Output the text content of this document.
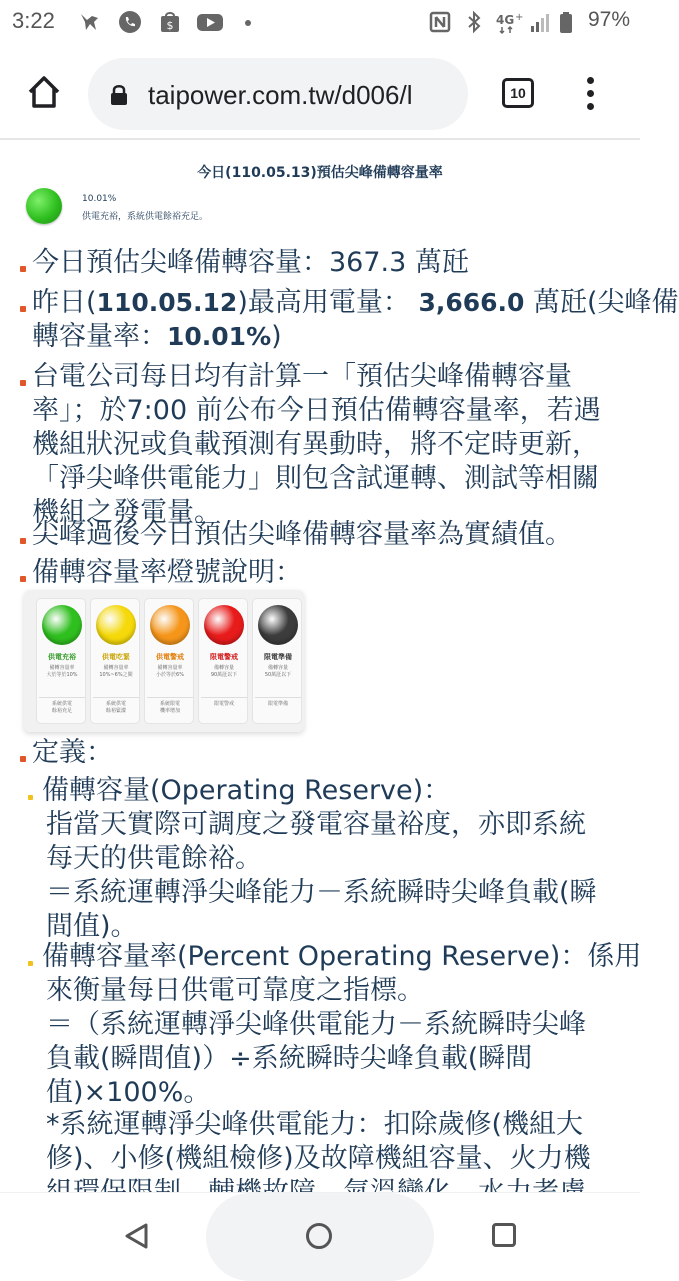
3:22	$	4G +	97%
taipower.com.tw/d006/l	10
今日(110.05.13)預估尖峰備轉容量率
10.01%
供電充裕，系統供電餘裕充足。
今日預估尖峰備轉容量：367.3 萬瓩
昨日(110.05.12)最高用電量： 3,666.0 萬瓩(尖峰備
轉容量率：10.01%)
台電公司每日均有計算一「預估尖峰備轉容量
率」；於7:00 前公布今日預估備轉容量率，若遇
機組狀況或負載預測有異動時，將不定時更新，
「淨尖峰供電能力」則包含試運轉、測試等相關
機組之發電量。
尖峰過後今日預估尖峰備轉容量率為實績值。
備轉容量率燈號說明：
供電充裕
備轉容量率
大於等於10%
系統供電
餘裕充足
供電吃緊
備轉容量率
10%~6%之間
系統供電
餘裕緊澀
供電警戒
備轉容量率
小於等於6%
系統限電
機率增加
限電警戒
備轉容量
90萬瓩以下
限電警戒
限電準備
備轉容量
50萬瓩以下
限電準備
定義：
備轉容量(Operating Reserve)：
指當天實際可調度之發電容量裕度，亦即系統
每天的供電餘裕。
＝系統運轉淨尖峰能力－系統瞬時尖峰負載(瞬
間值)。
備轉容量率(Percent Operating Reserve)：係用
來衡量每日供電可靠度之指標。
＝（系統運轉淨尖峰供電能力－系統瞬時尖峰
負載(瞬間值)）÷系統瞬時尖峰負載(瞬間
值)×100%。
*系統運轉淨尖峰供電能力：扣除歲修(機組大
修)、小修(機組檢修)及故障機組容量、火力機
